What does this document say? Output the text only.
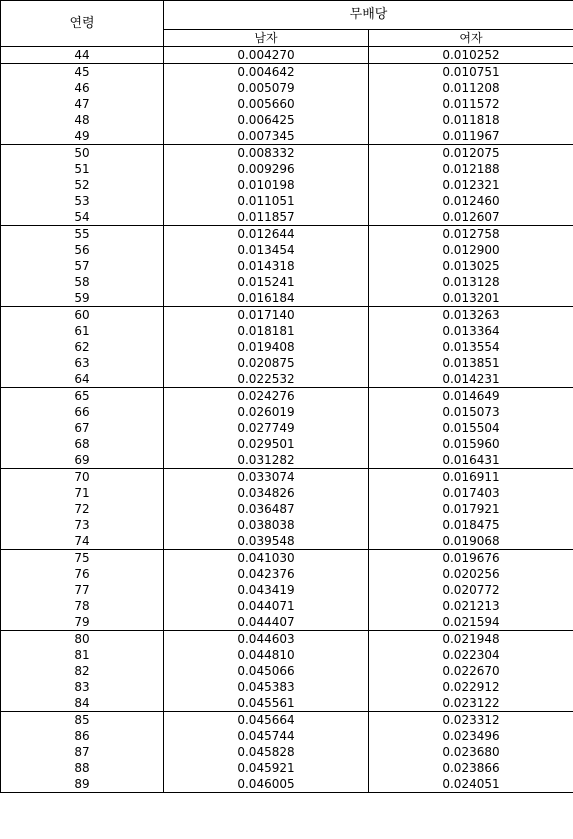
연령	무배당	
	남자	여자
44	0.004270	0.010252
45	0.004642	0.010751
46	0.005079	0.011208
47	0.005660	0.011572
48	0.006425	0.011818
49	0.007345	0.011967
50	0.008332	0.012075
51	0.009296	0.012188
52	0.010198	0.012321
53	0.011051	0.012460
54	0.011857	0.012607
55	0.012644	0.012758
56	0.013454	0.012900
57	0.014318	0.013025
58	0.015241	0.013128
59	0.016184	0.013201
60	0.017140	0.013263
61	0.018181	0.013364
62	0.019408	0.013554
63	0.020875	0.013851
64	0.022532	0.014231
65	0.024276	0.014649
66	0.026019	0.015073
67	0.027749	0.015504
68	0.029501	0.015960
69	0.031282	0.016431
70	0.033074	0.016911
71	0.034826	0.017403
72	0.036487	0.017921
73	0.038038	0.018475
74	0.039548	0.019068
75	0.041030	0.019676
76	0.042376	0.020256
77	0.043419	0.020772
78	0.044071	0.021213
79	0.044407	0.021594
80	0.044603	0.021948
81	0.044810	0.022304
82	0.045066	0.022670
83	0.045383	0.022912
84	0.045561	0.023122
85	0.045664	0.023312
86	0.045744	0.023496
87	0.045828	0.023680
88	0.045921	0.023866
89	0.046005	0.024051
